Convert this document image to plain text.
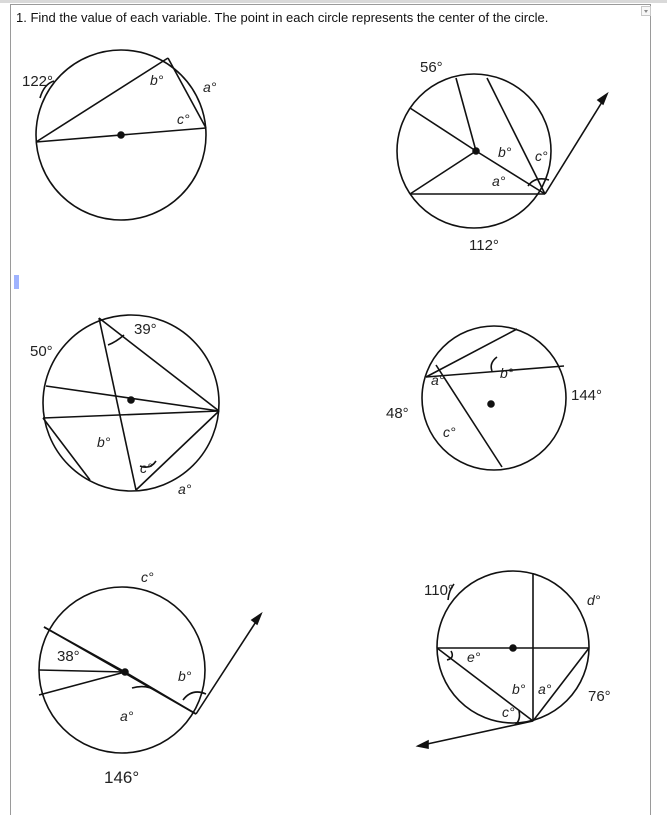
1. Find the value of each variable. The point in each circle represents the center of the circle.
122°	b°	a°
c°
56°
b° c°
a°
112°
50°
39°
b°
c°
a°
a°	b°
144°
48°
c°
c°
38°
b°
a°
146°
110°
d°
e°
b° a°
c°
76°
